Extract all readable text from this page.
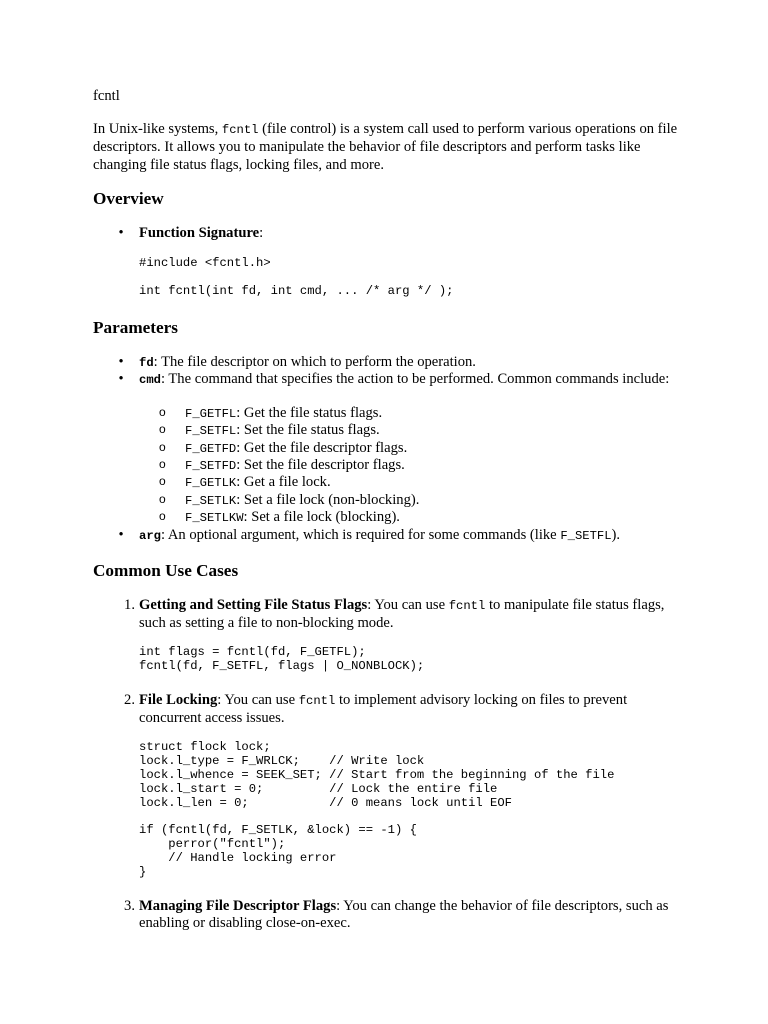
fcntl

In Unix-like systems, fcntl (file control) is a system call used to perform various operations on file descriptors. It allows you to manipulate the behavior of file descriptors and perform tasks like changing file status flags, locking files, and more.

Overview
• Function Signature:
#include <fcntl.h>
int fcntl(int fd, int cmd, ... /* arg */ );
Parameters
• fd: The file descriptor on which to perform the operation.
• cmd: The command that specifies the action to be performed. Common commands include:
o F_GETFL: Get the file status flags.
o F_SETFL: Set the file status flags.
o F_GETFD: Get the file descriptor flags.
o F_SETFD: Set the file descriptor flags.
o F_GETLK: Get a file lock.
o F_SETLK: Set a file lock (non-blocking).
o F_SETLKW: Set a file lock (blocking).
• arg: An optional argument, which is required for some commands (like F_SETFL).
Common Use Cases
1. Getting and Setting File Status Flags: You can use fcntl to manipulate file status flags, such as setting a file to non-blocking mode.
int flags = fcntl(fd, F_GETFL);
fcntl(fd, F_SETFL, flags | O_NONBLOCK);
2. File Locking: You can use fcntl to implement advisory locking on files to prevent concurrent access issues.
struct flock lock;
lock.l_type = F_WRLCK;    // Write lock
lock.l_whence = SEEK_SET; // Start from the beginning of the file
lock.l_start = 0;         // Lock the entire file
lock.l_len = 0;           // 0 means lock until EOF

if (fcntl(fd, F_SETLK, &lock) == -1) {
perror("fcntl");
// Handle locking error
}
3. Managing File Descriptor Flags: You can change the behavior of file descriptors, such as enabling or disabling close-on-exec.
